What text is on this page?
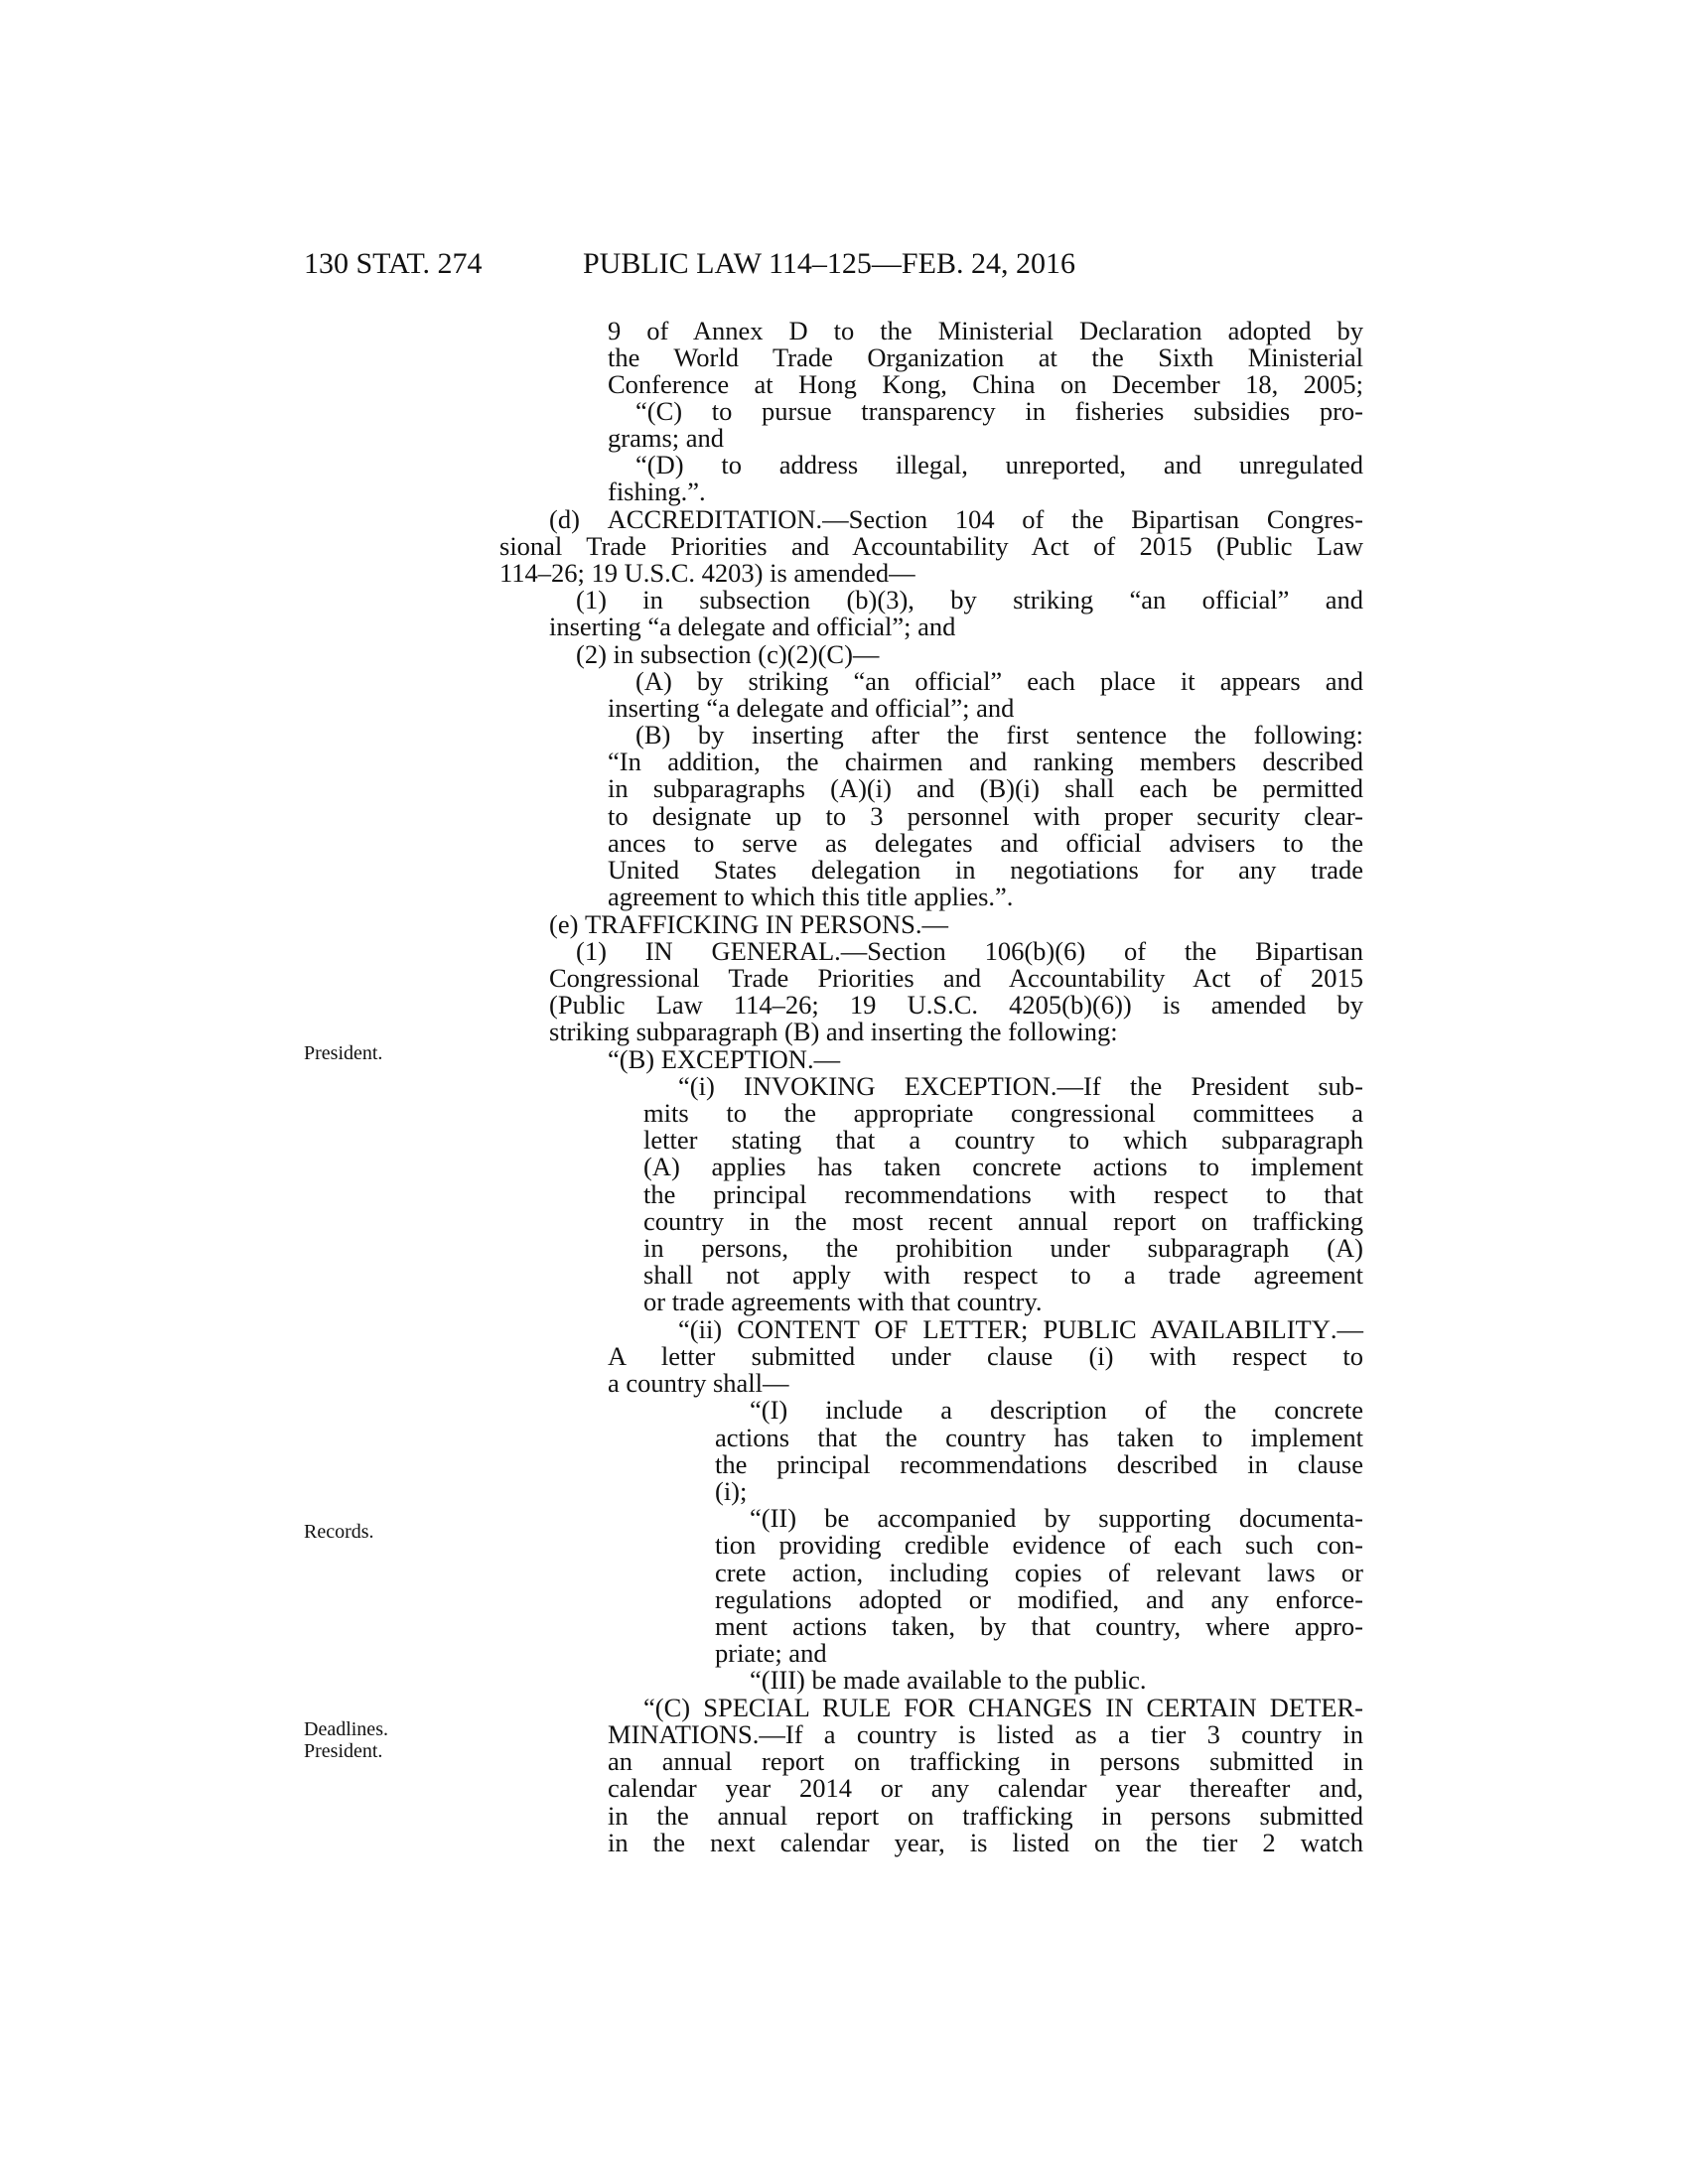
130 STAT. 274	PUBLIC LAW 114–125—FEB. 24, 2016
President.
Records.
Deadlines.
President.
9 of Annex D to the Ministerial Declaration adopted by
the World Trade Organization at the Sixth Ministerial
Conference at Hong Kong, China on December 18, 2005;
“(C) to pursue transparency in fisheries subsidies pro-
grams; and
“(D) to address illegal, unreported, and unregulated
fishing.”.
(d) ACCREDITATION.—Section 104 of the Bipartisan Congres-
sional Trade Priorities and Accountability Act of 2015 (Public Law
114–26; 19 U.S.C. 4203) is amended—
(1) in subsection (b)(3), by striking “an official” and
inserting “a delegate and official”; and
(2) in subsection (c)(2)(C)—
(A) by striking “an official” each place it appears and
inserting “a delegate and official”; and
(B) by inserting after the first sentence the following:
“In addition, the chairmen and ranking members described
in subparagraphs (A)(i) and (B)(i) shall each be permitted
to designate up to 3 personnel with proper security clear-
ances to serve as delegates and official advisers to the
United States delegation in negotiations for any trade
agreement to which this title applies.”.
(e) TRAFFICKING IN PERSONS.—
(1) IN GENERAL.—Section 106(b)(6) of the Bipartisan
Congressional Trade Priorities and Accountability Act of 2015
(Public Law 114–26; 19 U.S.C. 4205(b)(6)) is amended by
striking subparagraph (B) and inserting the following:
“(B) EXCEPTION.—
“(i) INVOKING EXCEPTION.—If the President sub-
mits to the appropriate congressional committees a
letter stating that a country to which subparagraph
(A) applies has taken concrete actions to implement
the principal recommendations with respect to that
country in the most recent annual report on trafficking
in persons, the prohibition under subparagraph (A)
shall not apply with respect to a trade agreement
or trade agreements with that country.
“(ii) CONTENT OF LETTER; PUBLIC AVAILABILITY.—
A letter submitted under clause (i) with respect to
a country shall—
“(I) include a description of the concrete
actions that the country has taken to implement
the principal recommendations described in clause
(i);
“(II) be accompanied by supporting documenta-
tion providing credible evidence of each such con-
crete action, including copies of relevant laws or
regulations adopted or modified, and any enforce-
ment actions taken, by that country, where appro-
priate; and
“(III) be made available to the public.
“(C) SPECIAL RULE FOR CHANGES IN CERTAIN DETER-
MINATIONS.—If a country is listed as a tier 3 country in
an annual report on trafficking in persons submitted in
calendar year 2014 or any calendar year thereafter and,
in the annual report on trafficking in persons submitted
in the next calendar year, is listed on the tier 2 watch
